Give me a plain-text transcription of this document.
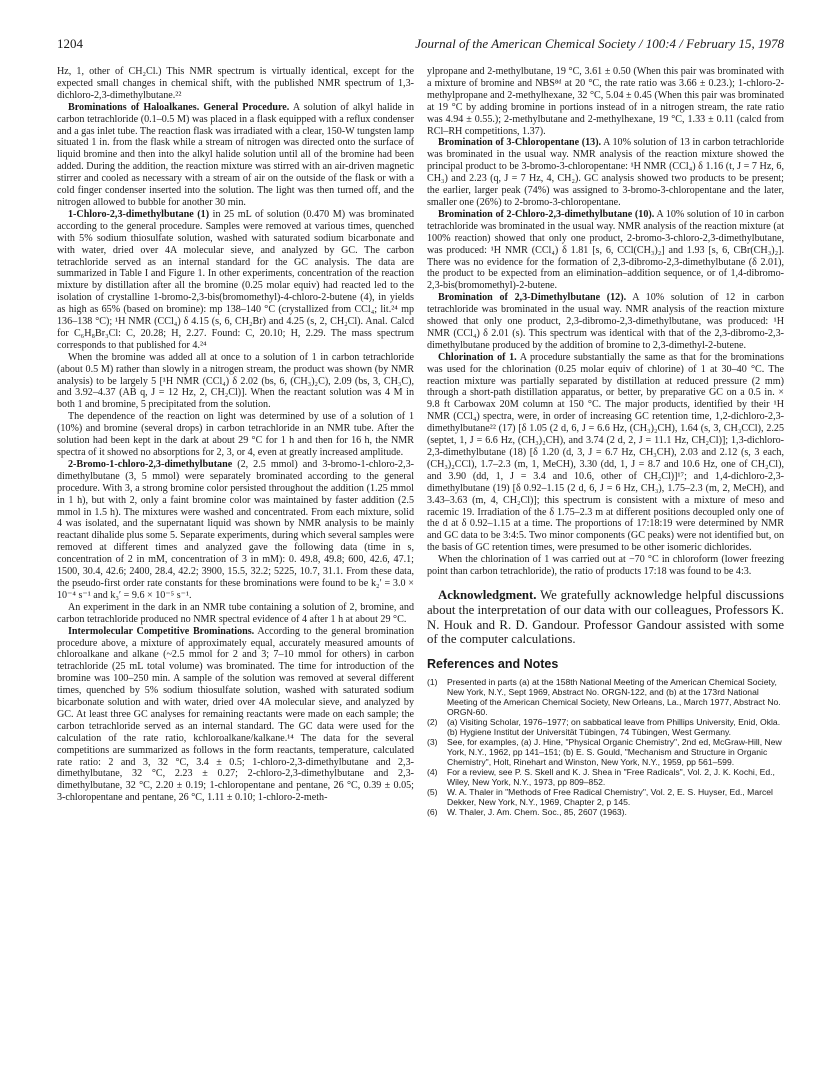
1204	Journal of the American Chemical Society / 100:4 / February 15, 1978

Hz, 1, other of CH₂Cl.) This NMR spectrum is virtually identical, except for the expected small changes in chemical shift, with the published NMR spectrum of 1,3-dichloro-2,3-dimethylbutane.²²

Brominations of Haloalkanes. General Procedure. A solution of alkyl halide in carbon tetrachloride (0.1–0.5 M) was placed in a flask equipped with a reflux condenser and a gas inlet tube. The reaction flask was irradiated with a clear, 150-W tungsten lamp situated 1 in. from the flask while a stream of nitrogen was directed onto the surface of liquid bromine and then into the alkyl halide solution until all of the bromine had been added. During the addition, the reaction mixture was stirred with an air-driven magnetic stirrer and cooled as necessary with a stream of air on the outside of the flask or with a cold finger condenser inserted into the solution. The light was then turned off, and the nitrogen allowed to bubble for another 30 min.

1-Chloro-2,3-dimethylbutane (1) in 25 mL of solution (0.470 M) was brominated according to the general procedure. Samples were removed at various times, quenched with 5% sodium thiosulfate solution, washed with saturated sodium bicarbonate and with water, dried over 4A molecular sieve, and analyzed by GC. The carbon tetrachloride served as an internal standard for the GC analysis. The data are summarized in Table I and Figure 1. In other experiments, concentration of the reaction mixture by distillation after all the bromine (0.25 molar equiv) had reacted led to the isolation of crystalline 1-bromo-2,3-bis(bromomethyl)-4-chloro-2-butene (4), in yields as high as 65% (based on bromine): mp 138–140 °C (crystallized from CCl₄; lit.²⁴ mp 136–138 °C); ¹H NMR (CCl₄) δ 4.15 (s, 6, CH₂Br) and 4.25 (s, 2, CH₂Cl). Anal. Calcd for C₆H₈Br₃Cl: C, 20.28; H, 2.27. Found: C, 20.10; H, 2.29. The mass spectrum corresponds to that published for 4.²⁴

When the bromine was added all at once to a solution of 1 in carbon tetrachloride (about 0.5 M) rather than slowly in a nitrogen stream, the product was shown (by NMR analysis) to be largely 5 [¹H NMR (CCl₄) δ 2.02 (bs, 6, (CH₃)₂C), 2.09 (bs, 3, CH₃C), and 3.92–4.37 (AB q, J = 12 Hz, 2, CH₂Cl)]. When the reactant solution was 4 M in both 1 and bromine, 5 precipitated from the solution.

The dependence of the reaction on light was determined by use of a solution of 1 (10%) and bromine (several drops) in carbon tetrachloride in an NMR tube. After the solution had been kept in the dark at about 29 °C for 1 h and then for 16 h, the NMR spectra of it showed no absorptions for 2, 3, or 4, even at greatly increased amplitude.

2-Bromo-1-chloro-2,3-dimethylbutane (2, 2.5 mmol) and 3-bromo-1-chloro-2,3-dimethylbutane (3, 5 mmol) were separately brominated according to the general procedure. With 3, a strong bromine color persisted throughout the addition (1.25 mmol in 1 h), but with 2, only a faint bromine color was maintained by faster addition (2.5 mmol in 1.5 h). The mixtures were washed and concentrated. From each mixture, solid 4 was isolated, and the supernatant liquid was shown by NMR analysis to be mainly reactant dihalide plus some 5. Separate experiments, during which several samples were removed at different times and analyzed gave the following data (time in s, concentration of 2 in mM, concentration of 3 in mM): 0. 49.8, 49.8; 600, 42.6, 47.1; 1500, 30.4, 42.6; 2400, 28.4, 42.2; 3900, 15.5, 32.2; 5225, 10.7, 31.1. From these data, the pseudo-first order rate constants for these brominations were found to be k₂′ = 3.0 × 10⁻⁴ s⁻¹ and k₃′ = 9.6 × 10⁻⁵ s⁻¹.

An experiment in the dark in an NMR tube containing a solution of 2, bromine, and carbon tetrachloride produced no NMR spectral evidence of 4 after 1 h at about 29 °C.

Intermolecular Competitive Brominations. According to the general bromination procedure above, a mixture of approximately equal, accurately measured amounts of chloroalkane and alkane (~2.5 mmol for 2 and 3; 7–10 mmol for others) in carbon tetrachloride (25 mL total volume) was brominated. The time for introduction of the bromine was 100–250 min. A sample of the solution was removed at several different times, quenched by 5% sodium thiosulfate solution, washed with saturated sodium bicarbonate solution and with water, dried over 4A molecular sieve, and analyzed by GC. At least three GC analyses for remaining reactants were made on each sample; the carbon tetrachloride served as an internal standard. The GC data were used for the calculation of the rate ratio, kchloroalkane/kalkane.¹⁴ The data for the several competitions are summarized as follows in the form reactants, temperature, calculated rate ratio: 2 and 3, 32 °C, 3.4 ± 0.5; 1-chloro-2,3-dimethylbutane and 2,3-dimethylbutane, 32 °C, 2.23 ± 0.27; 2-chloro-2,3-dimethylbutane and 2,3-dimethylbutane, 32 °C, 2.20 ± 0.19; 1-chloropentane and pentane, 26 °C, 0.39 ± 0.05; 3-chloropentane and pentane, 26 °C, 1.11 ± 0.10; 1-chloro-2-meth-

ylpropane and 2-methylbutane, 19 °C, 3.61 ± 0.50 (When this pair was brominated with a mixture of bromine and NBS⁸ᵈ at 20 °C, the rate ratio was 3.66 ± 0.23.); 1-chloro-2-methylpropane and 2-methylhexane, 32 °C, 5.04 ± 0.45 (When this pair was brominated at 19 °C by adding bromine in portions instead of in a nitrogen stream, the rate ratio was 4.94 ± 0.55.); 2-methylbutane and 2-methylhexane, 19 °C, 1.33 ± 0.11 (calcd from RCl–RH competitions, 1.37).

Bromination of 3-Chloropentane (13). A 10% solution of 13 in carbon tetrachloride was brominated in the usual way. NMR analysis of the reaction mixture showed the principal product to be 3-bromo-3-chloropentane: ¹H NMR (CCl₄) δ 1.16 (t, J = 7 Hz, 6, CH₃) and 2.23 (q, J = 7 Hz, 4, CH₂). GC analysis showed two products to be present; the earlier, larger peak (74%) was assigned to 3-bromo-3-chloropentane and the later, smaller one (26%) to 2-bromo-3-chloropentane.

Bromination of 2-Chloro-2,3-dimethylbutane (10). A 10% solution of 10 in carbon tetrachloride was brominated in the usual way. NMR analysis of the reaction mixture (at 100% reaction) showed that only one product, 2-bromo-3-chloro-2,3-dimethylbutane, was produced: ¹H NMR (CCl₄) δ 1.81 [s, 6, CCl(CH₃)₂] and 1.93 [s, 6, CBr(CH₃)₂]. There was no evidence for the formation of 2,3-dibromo-2,3-dimethylbutane (δ 2.01), the product to be expected from an elimination–addition sequence, or of 1,4-dibromo-2,3-bis(bromomethyl)-2-butene.

Bromination of 2,3-Dimethylbutane (12). A 10% solution of 12 in carbon tetrachloride was brominated in the usual way. NMR analysis of the reaction mixture showed that only one product, 2,3-dibromo-2,3-dimethylbutane, was produced: ¹H NMR (CCl₄) δ 2.01 (s). This spectrum was identical with that of the 2,3-dibromo-2,3-dimethylbutane produced by the addition of bromine to 2,3-dimethyl-2-butene.

Chlorination of 1. A procedure substantially the same as that for the brominations was used for the chlorination (0.25 molar equiv of chlorine) of 1 at 30–40 °C. The reaction mixture was partially separated by distillation at reduced pressure (2 mm) through a short-path distillation apparatus, or better, by preparative GC on a 0.5 in. × 9.8 ft Carbowax 20M column at 150 °C. The major products, identified by their ¹H NMR (CCl₄) spectra, were, in order of increasing GC retention time, 1,2-dichloro-2,3-dimethylbutane²² (17) [δ 1.05 (2 d, 6, J = 6.6 Hz, (CH₃)₂CH), 1.64 (s, 3, CH₃CCl), 2.25 (septet, 1, J = 6.6 Hz, (CH₃)₂CH), and 3.74 (2 d, 2, J = 11.1 Hz, CH₂Cl)]; 1,3-dichloro-2,3-dimethylbutane (18) [δ 1.20 (d, 3, J = 6.7 Hz, CH₃CH), 2.03 and 2.12 (s, 3 each, (CH₃)₂CCl), 1.7–2.3 (m, 1, MeCH), 3.30 (dd, 1, J = 8.7 and 10.6 Hz, one of CH₂Cl), and 3.90 (dd, 1, J = 3.4 and 10.6, other of CH₂Cl)]¹⁷; and 1,4-dichloro-2,3-dimethylbutane (19) [δ 0.92–1.15 (2 d, 6, J = 6 Hz, CH₃), 1.75–2.3 (m, 2, MeCH), and 3.43–3.63 (m, 4, CH₂Cl)]; this spectrum is consistent with a mixture of meso and racemic 19. Irradiation of the δ 1.75–2.3 m at different positions decoupled only one of the d at δ 0.92–1.15 at a time. The proportions of 17:18:19 were determined by NMR and GC data to be 3:4:5. Two minor components (GC peaks) were not identified but, on the basis of GC retention times, were presumed to be other isomeric dichlorides.

When the chlorination of 1 was carried out at −70 °C in chloroform (lower freezing point than carbon tetrachloride), the ratio of products 17:18 was found to be 4:3.

Acknowledgment. We gratefully acknowledge helpful discussions about the interpretation of our data with our colleagues, Professors K. N. Houk and R. D. Gandour. Professor Gandour assisted with some of the computer calculations.

References and Notes
(1)	Presented in parts (a) at the 158th National Meeting of the American Chemical Society, New York, N.Y., Sept 1969, Abstract No. ORGN-122, and (b) at the 173rd National Meeting of the American Chemical Society, New Orleans, La., March 1977, Abstract No. ORGN-60.
(2)	(a) Visiting Scholar, 1976–1977; on sabbatical leave from Phillips University, Enid, Okla. (b) Hygiene Institut der Universität Tübingen, 74 Tübingen, West Germany.
(3)	See, for examples, (a) J. Hine, "Physical Organic Chemistry", 2nd ed, McGraw-Hill, New York, N.Y., 1962, pp 141–151; (b) E. S. Gould, "Mechanism and Structure in Organic Chemistry", Holt, Rinehart and Winston, New York, N.Y., 1959, pp 561–599.
(4)	For a review, see P. S. Skell and K. J. Shea in "Free Radicals", Vol. 2, J. K. Kochi, Ed., Wiley, New York, N.Y., 1973, pp 809–852.
(5)	W. A. Thaler in "Methods of Free Radical Chemistry", Vol. 2, E. S. Huyser, Ed., Marcel Dekker, New York, N.Y., 1969, Chapter 2, p 145.
(6)	W. Thaler, J. Am. Chem. Soc., 85, 2607 (1963).
